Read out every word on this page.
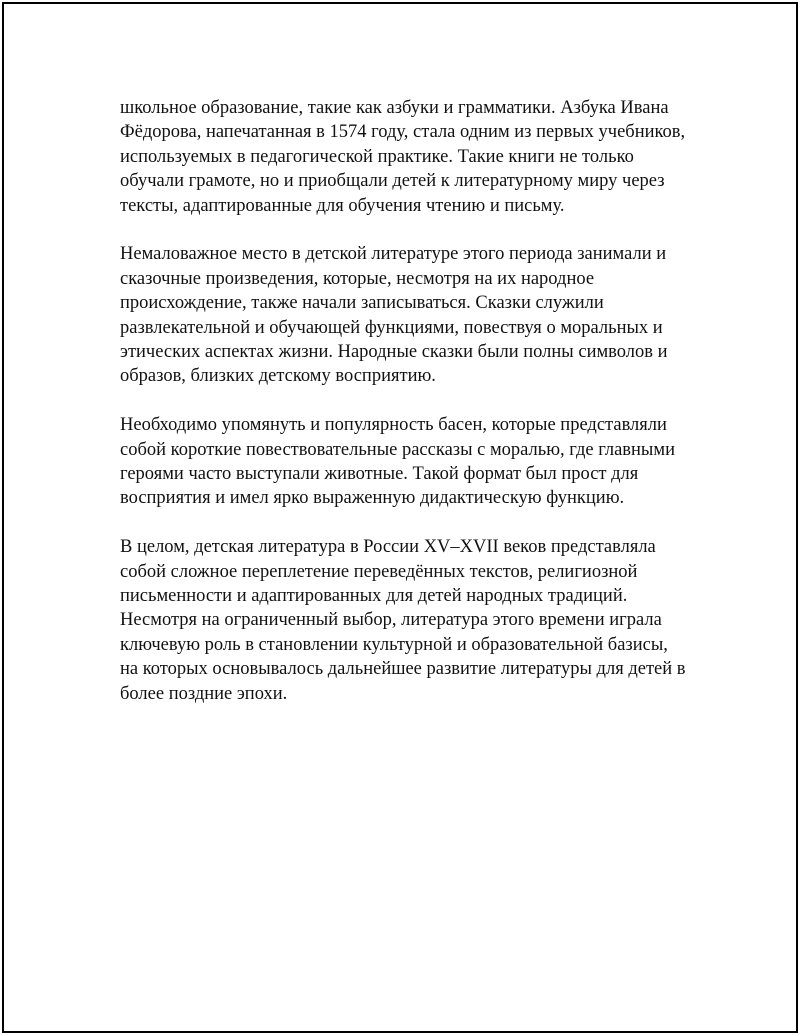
школьное образование, такие как азбуки и грамматики. Азбука Ивана
Фёдорова, напечатанная в 1574 году, стала одним из первых учебников,
используемых в педагогической практике. Такие книги не только
обучали грамоте, но и приобщали детей к литературному миру через
тексты, адаптированные для обучения чтению и письму.

Немаловажное место в детской литературе этого периода занимали и
сказочные произведения, которые, несмотря на их народное
происхождение, также начали записываться. Сказки служили
развлекательной и обучающей функциями, повествуя о моральных и
этических аспектах жизни. Народные сказки были полны символов и
образов, близких детскому восприятию.

Необходимо упомянуть и популярность басен, которые представляли
собой короткие повествовательные рассказы с моралью, где главными
героями часто выступали животные. Такой формат был прост для
восприятия и имел ярко выраженную дидактическую функцию.

В целом, детская литература в России XV–XVII веков представляла
собой сложное переплетение переведённых текстов, религиозной
письменности и адаптированных для детей народных традиций.
Несмотря на ограниченный выбор, литература этого времени играла
ключевую роль в становлении культурной и образовательной базисы,
на которых основывалось дальнейшее развитие литературы для детей в
более поздние эпохи.
